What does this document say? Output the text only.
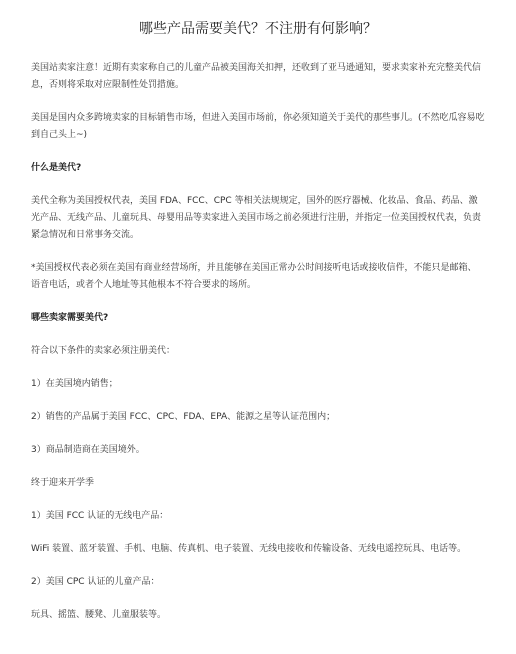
哪些产品需要美代？不注册有何影响？

美国站卖家注意！近期有卖家称自己的儿童产品被美国海关扣押，还收到了亚马逊通知，要求卖家补充完整美代信息，否则将采取对应限制性处罚措施。

美国是国内众多跨境卖家的目标销售市场，但进入美国市场前，你必须知道关于美代的那些事儿。(不然吃瓜容易吃到自己头上~)

什么是美代?

美代全称为美国授权代表，美国 FDA、FCC、CPC 等相关法规规定，国外的医疗器械、化妆品、食品、药品、激光产品、无线产品、儿童玩具、母婴用品等卖家进入美国市场之前必须进行注册，并指定一位美国授权代表，负责紧急情况和日常事务交流。

*美国授权代表必须在美国有商业经营场所，并且能够在美国正常办公时间接听电话或接收信件，不能只是邮箱、语音电话，或者个人地址等其他根本不符合要求的场所。

哪些卖家需要美代?

符合以下条件的卖家必须注册美代：

1）在美国境内销售；

2）销售的产品属于美国 FCC、CPC、FDA、EPA、能源之星等认证范围内；

3）商品制造商在美国境外。

终于迎来开学季

1）美国 FCC 认证的无线电产品：

WiFi 装置、蓝牙装置、手机、电脑、传真机、电子装置、无线电接收和传输设备、无线电遥控玩具、电话等。

2）美国 CPC 认证的儿童产品：

玩具、摇篮、腰凳、儿童服装等。
